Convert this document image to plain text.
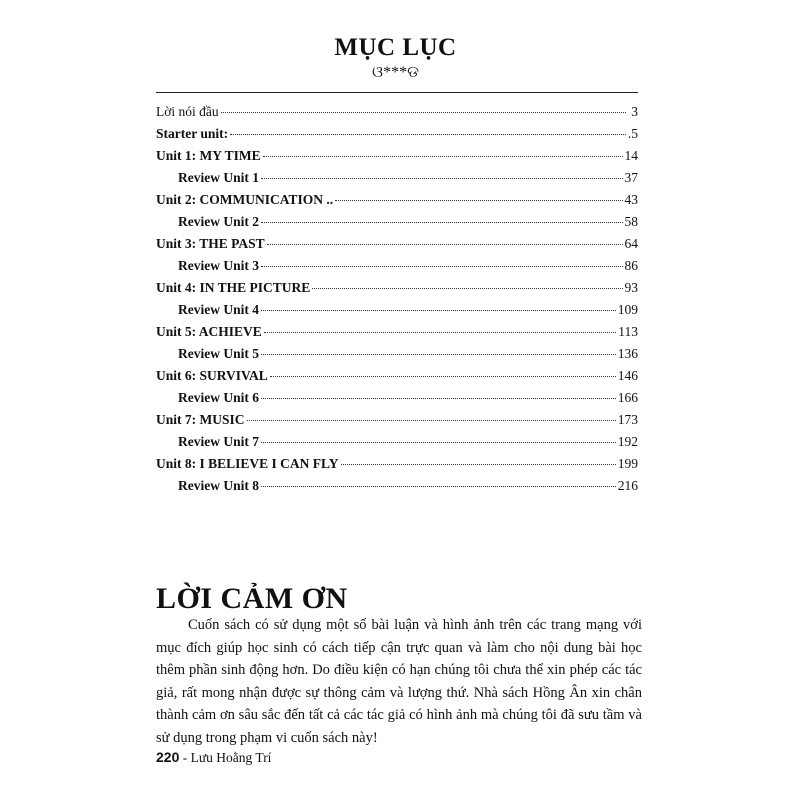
MỤC LỤC
ଓ***ଡ
Lời nói đầu	3
Starter unit:	.5
Unit 1: MY TIME	14
Review Unit 1	37
Unit 2: COMMUNICATION ..	43
Review Unit 2	58
Unit 3: THE PAST	64
Review Unit 3	86
Unit 4: IN THE PICTURE	93
Review Unit 4	109
Unit 5: ACHIEVE	113
Review Unit 5	136
Unit 6: SURVIVAL	146
Review Unit 6	166
Unit 7: MUSIC	173
Review Unit 7	192
Unit 8: I BELIEVE I CAN FLY	199
Review Unit 8	216
LỜI CẢM ƠN

Cuốn sách có sử dụng một số bài luận và hình ảnh trên các trang mạng với mục đích giúp học sinh có cách tiếp cận trực quan và làm cho nội dung bài học thêm phần sinh động hơn. Do điều kiện có hạn chúng tôi chưa thể xin phép các tác giả, rất mong nhận được sự thông cảm và lượng thứ. Nhà sách Hồng Ân xin chân thành cảm ơn sâu sắc đến tất cả các tác giả có hình ảnh mà chúng tôi đã sưu tầm và sử dụng trong phạm vi cuốn sách này!

220 - Lưu Hoằng Trí
